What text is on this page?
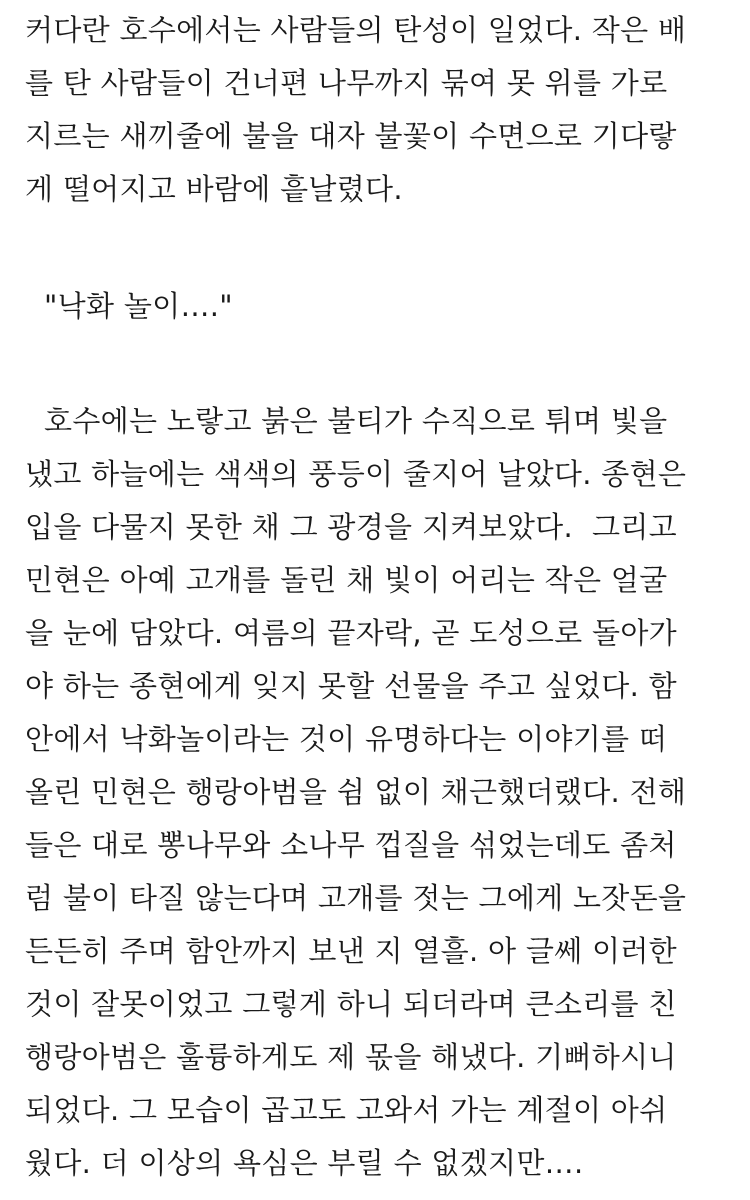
커다란 호수에서는 사람들의 탄성이 일었다. 작은 배
를 탄 사람들이 건너편 나무까지 묶여 못 위를 가로
지르는 새끼줄에 불을 대자 불꽃이 수면으로 기다랗
게 떨어지고 바람에 흩날렸다.
"낙화 놀이…."
호수에는 노랗고 붉은 불티가 수직으로 튀며 빛을
냈고 하늘에는 색색의 풍등이 줄지어 날았다. 종현은
입을 다물지 못한 채 그 광경을 지켜보았다.  그리고
민현은 아예 고개를 돌린 채 빛이 어리는 작은 얼굴
을 눈에 담았다. 여름의 끝자락, 곧 도성으로 돌아가
야 하는 종현에게 잊지 못할 선물을 주고 싶었다. 함
안에서 낙화놀이라는 것이 유명하다는 이야기를 떠
올린 민현은 행랑아범을 쉼 없이 채근했더랬다. 전해
들은 대로 뽕나무와 소나무 껍질을 섞었는데도 좀처
럼 불이 타질 않는다며 고개를 젓는 그에게 노잣돈을
든든히 주며 함안까지 보낸 지 열흘. 아 글쎄 이러한
것이 잘못이었고 그렇게 하니 되더라며 큰소리를 친
행랑아범은 훌륭하게도 제 몫을 해냈다. 기뻐하시니
되었다. 그 모습이 곱고도 고와서 가는 계절이 아쉬
웠다. 더 이상의 욕심은 부릴 수 없겠지만….
